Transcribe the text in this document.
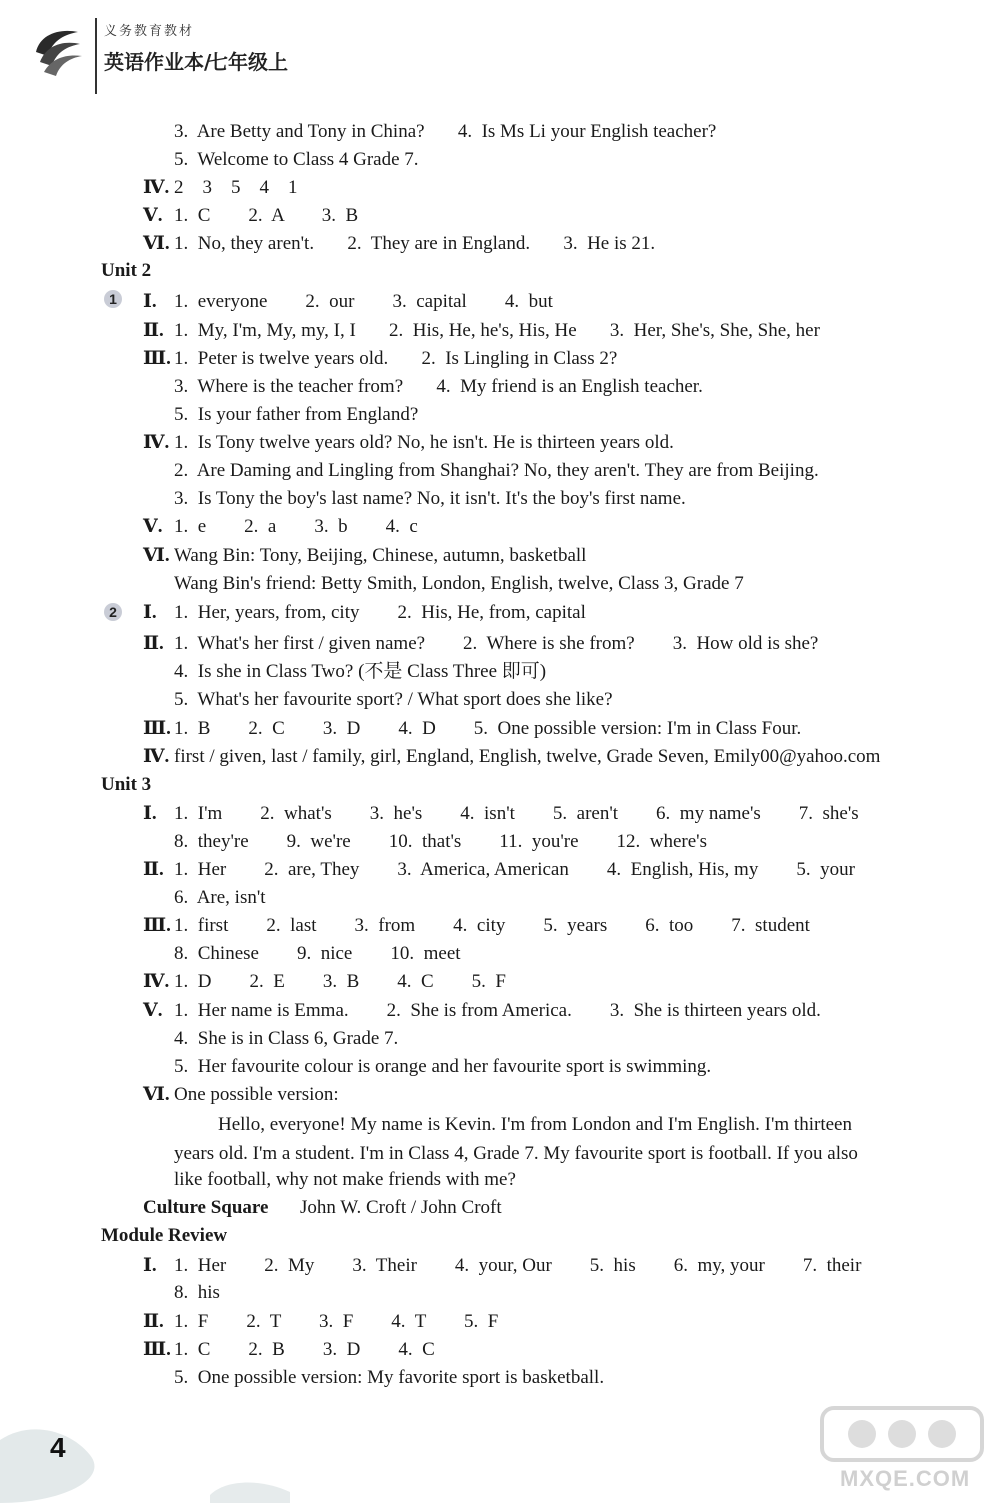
义务教育教材
英语作业本/
七年级上
3.  Are Betty and Tony in China?       4.  Is Ms Li your English teacher?
5.  Welcome to Class 4 Grade 7.
Ⅳ. 2    3    5    4    1
Ⅴ. 1.  C        2.  A        3.  B
Ⅵ. 1.  No, they aren't.       2.  They are in England.       3.  He is 21.
Unit 2
1 Ⅰ. 1.  everyone        2.  our        3.  capital        4.  but
Ⅱ. 1.  My, I'm, My, my, I, I       2.  His, He, he's, His, He       3.  Her, She's, She, She, her
Ⅲ. 1.  Peter is twelve years old.       2.  Is Lingling in Class 2?
3.  Where is the teacher from?       4.  My friend is an English teacher.
5.  Is your father from England?
Ⅳ. 1.  Is Tony twelve years old? No, he isn't. He is thirteen years old.
2.  Are Daming and Lingling from Shanghai? No, they aren't. They are from Beijing.
3.  Is Tony the boy's last name? No, it isn't. It's the boy's first name.
Ⅴ. 1.  e        2.  a        3.  b        4.  c
Ⅵ. Wang Bin: Tony, Beijing, Chinese, autumn, basketball
Wang Bin's friend: Betty Smith, London, English, twelve, Class 3, Grade 7
2 Ⅰ. 1.  Her, years, from, city        2.  His, He, from, capital
Ⅱ. 1.  What's her first / given name?        2.  Where is she from?        3.  How old is she?
4.  Is she in Class Two? (不是 Class Three 即可)
5.  What's her favourite sport? / What sport does she like?
Ⅲ. 1.  B        2.  C        3.  D        4.  D        5.  One possible version: I'm in Class Four.
Ⅳ. first / given, last / family, girl, England, English, twelve, Grade Seven, Emily00@yahoo.com
Unit 3
Ⅰ. 1.  I'm        2.  what's        3.  he's        4.  isn't        5.  aren't        6.  my name's        7.  she's
8.  they're        9.  we're        10.  that's        11.  you're        12.  where's
Ⅱ. 1.  Her        2.  are, They        3.  America, American        4.  English, His, my        5.  your
6.  Are, isn't
Ⅲ. 1.  first        2.  last        3.  from        4.  city        5.  years        6.  too        7.  student
8.  Chinese        9.  nice        10.  meet
Ⅳ. 1.  D        2.  E        3.  B        4.  C        5.  F
Ⅴ. 1.  Her name is Emma.        2.  She is from America.        3.  She is thirteen years old.
4.  She is in Class 6, Grade 7.
5.  Her favourite colour is orange and her favourite sport is swimming.
Ⅵ. One possible version:
Hello, everyone! My name is Kevin. I'm from London and I'm English. I'm thirteen
years old. I'm a student. I'm in Class 4, Grade 7. My favourite sport is football. If you also
like football, why not make friends with me?
Culture Square John W. Croft / John Croft
Module Review
Ⅰ. 1.  Her        2.  My        3.  Their        4.  your, Our        5.  his        6.  my, your        7.  their
8.  his
Ⅱ. 1.  F        2.  T        3.  F        4.  T        5.  F
Ⅲ. 1.  C        2.  B        3.  D        4.  C
5.  One possible version: My favorite sport is basketball.
4
MXQE.COM
